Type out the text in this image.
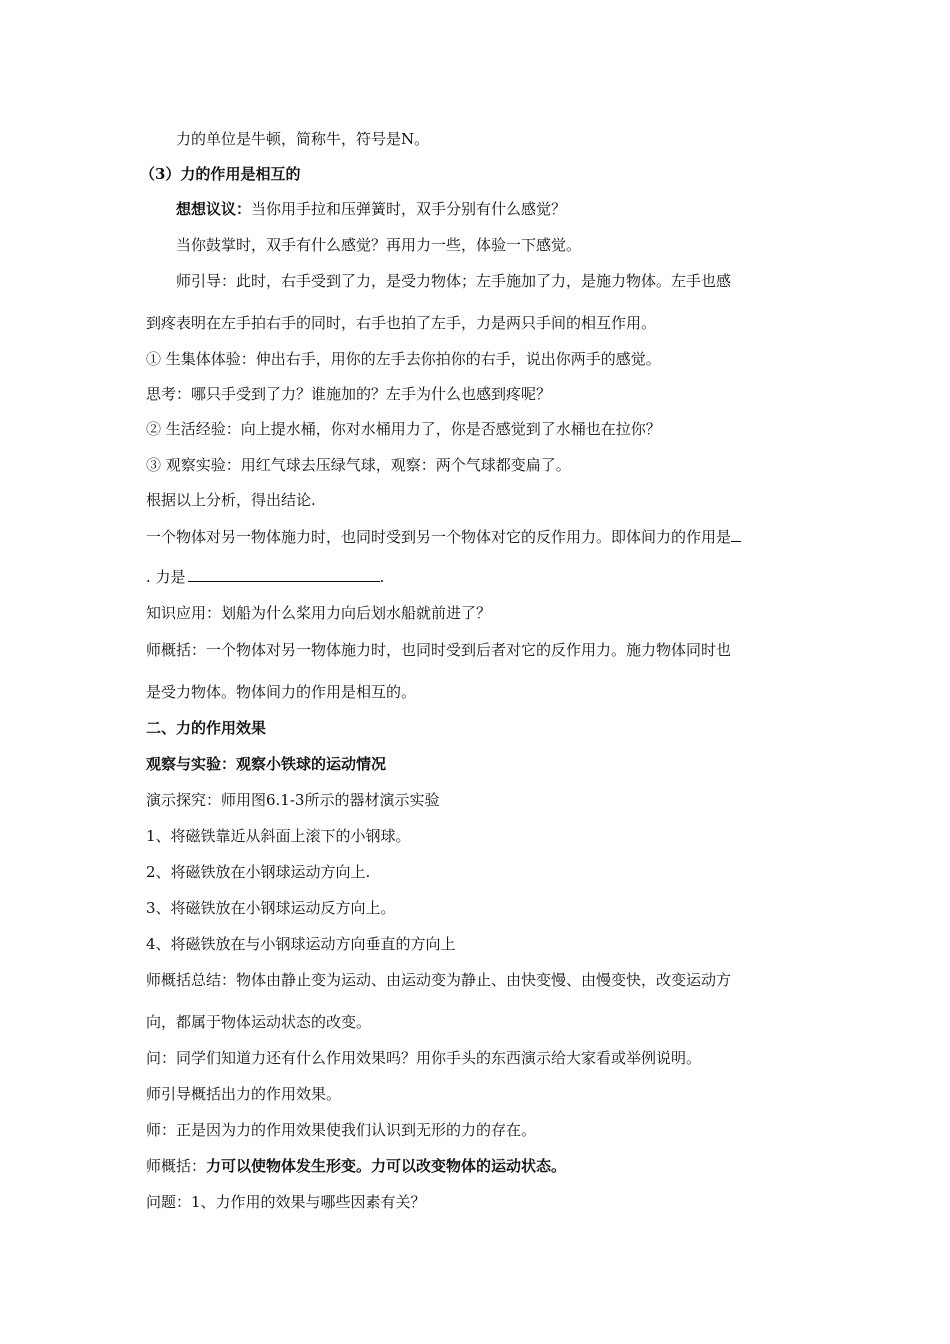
力的单位是牛顿，简称牛，符号是N。
（3）力的作用是相互的
想想议议：当你用手拉和压弹簧时，双手分别有什么感觉？
当你鼓掌时，双手有什么感觉？再用力一些，体验一下感觉。
师引导：此时，右手受到了力，是受力物体；左手施加了力，是施力物体。左手也感
到疼表明在左手拍右手的同时，右手也拍了左手，力是两只手间的相互作用。
① 生集体体验：伸出右手，用你的左手去你拍你的右手，说出你两手的感觉。
思考：哪只手受到了力？谁施加的？左手为什么也感到疼呢？
② 生活经验：向上提水桶，你对水桶用力了，你是否感觉到了水桶也在拉你？
③ 观察实验：用红气球去压绿气球，观察：两个气球都变扁了。
根据以上分析，得出结论.
一个物体对另一物体施力时，也同时受到另一个物体对它的反作用力。即体间力的作用是
. 力是	.
知识应用：划船为什么桨用力向后划水船就前进了？
师概括：一个物体对另一物体施力时，也同时受到后者对它的反作用力。施力物体同时也
是受力物体。物体间力的作用是相互的。
二、力的作用效果
观察与实验：观察小铁球的运动情况
演示探究：师用图6.1-3所示的器材演示实验
1、将磁铁靠近从斜面上滚下的小钢球。
2、将磁铁放在小钢球运动方向上.
3、将磁铁放在小钢球运动反方向上。
4、将磁铁放在与小钢球运动方向垂直的方向上
师概括总结：物体由静止变为运动、由运动变为静止、由快变慢、由慢变快，改变运动方
向，都属于物体运动状态的改变。
问：同学们知道力还有什么作用效果吗？用你手头的东西演示给大家看或举例说明。
师引导概括出力的作用效果。
师：正是因为力的作用效果使我们认识到无形的力的存在。
师概括：力可以使物体发生形变。力可以改变物体的运动状态。
问题：1、力作用的效果与哪些因素有关？
